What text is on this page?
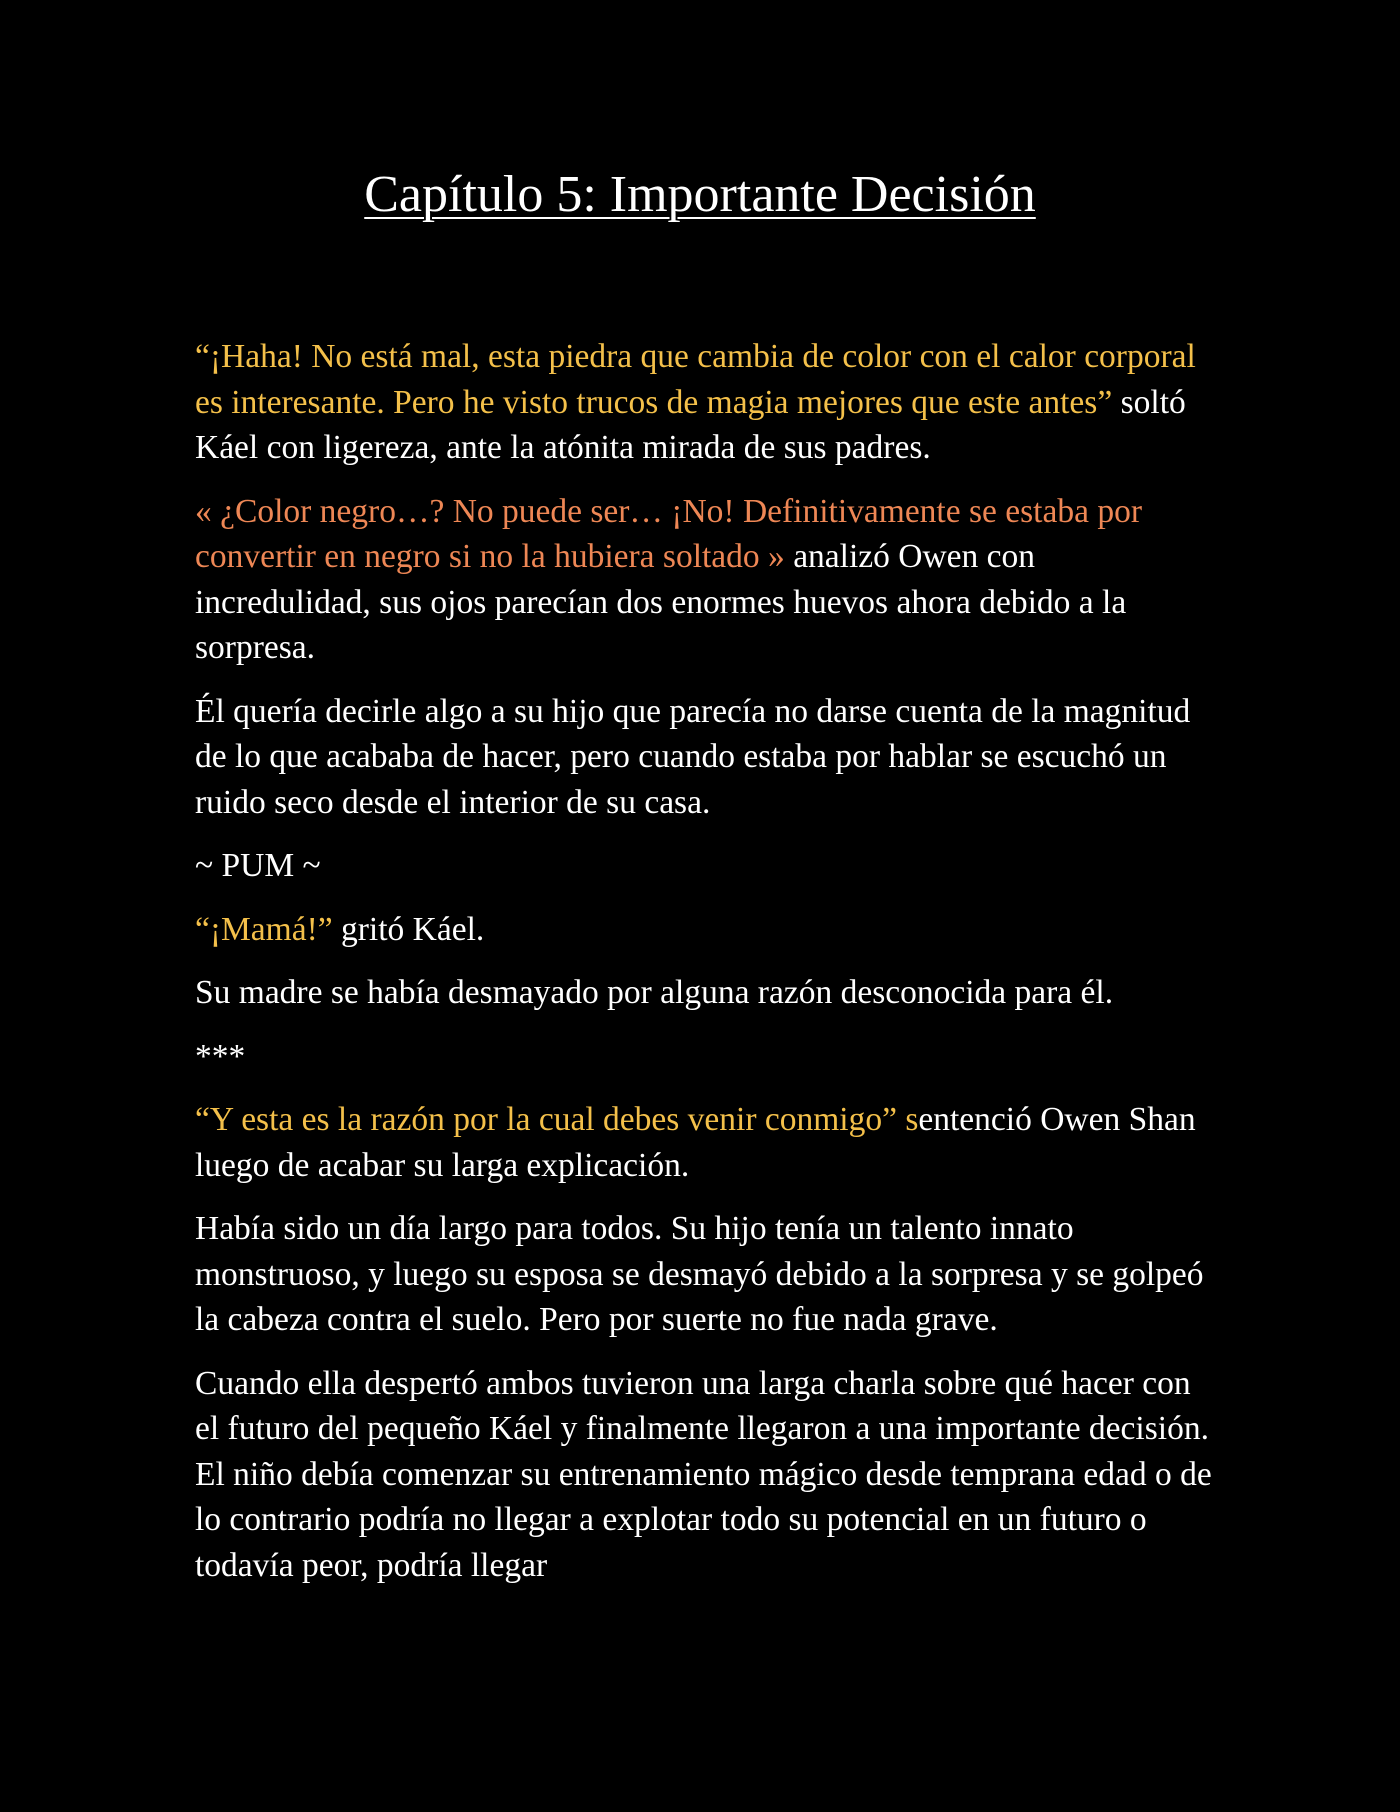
Capítulo 5: Importante Decisión

“¡Haha! No está mal, esta piedra que cambia de color con el calor corporal es interesante. Pero he visto trucos de magia mejores que este antes” soltó Káel con ligereza, ante la atónita mirada de sus padres.

« ¿Color negro…? No puede ser… ¡No! Definitivamente se estaba por convertir en negro si no la hubiera soltado » analizó Owen con incredulidad, sus ojos parecían dos enormes huevos ahora debido a la sorpresa.

Él quería decirle algo a su hijo que parecía no darse cuenta de la magnitud de lo que acababa de hacer, pero cuando estaba por hablar se escuchó un ruido seco desde el interior de su casa.

~ PUM ~

“¡Mamá!” gritó Káel.

Su madre se había desmayado por alguna razón desconocida para él.

***

“Y esta es la razón por la cual debes venir conmigo” sentenció Owen Shan luego de acabar su larga explicación.

Había sido un día largo para todos. Su hijo tenía un talento innato monstruoso, y luego su esposa se desmayó debido a la sorpresa y se golpeó la cabeza contra el suelo. Pero por suerte no fue nada grave.

Cuando ella despertó ambos tuvieron una larga charla sobre qué hacer con el futuro del pequeño Káel y finalmente llegaron a una importante decisión. El niño debía comenzar su entrenamiento mágico desde temprana edad o de lo contrario podría no llegar a explotar todo su potencial en un futuro o todavía peor, podría llegar
